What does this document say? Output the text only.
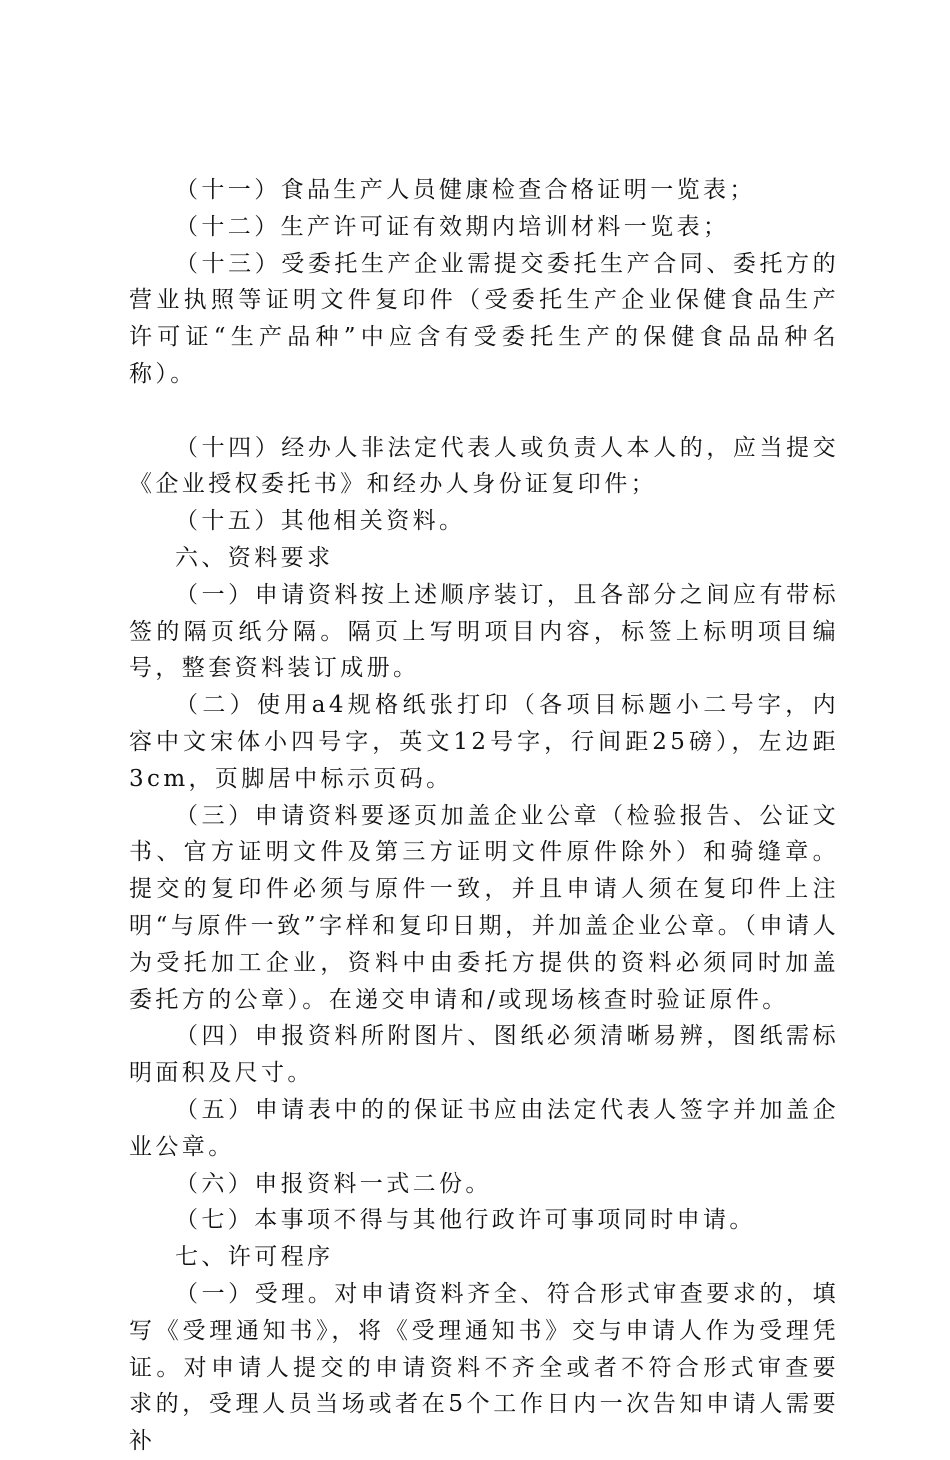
（十一）食品生产人员健康检查合格证明一览表；

（十二）生产许可证有效期内培训材料一览表；

（十三）受委托生产企业需提交委托生产合同、委托方的营业执照等证明文件复印件（受委托生产企业保健食品生产许可证“生产品种”中应含有受委托生产的保健食品品种名称）。

（十四）经办人非法定代表人或负责人本人的，应当提交《企业授权委托书》和经办人身份证复印件；

（十五）其他相关资料。

六、资料要求

（一）申请资料按上述顺序装订，且各部分之间应有带标签的隔页纸分隔。隔页上写明项目内容，标签上标明项目编号，整套资料装订成册。

（二）使用a4规格纸张打印（各项目标题小二号字，内容中文宋体小四号字，英文12号字，行间距25磅），左边距3cm，页脚居中标示页码。

（三）申请资料要逐页加盖企业公章（检验报告、公证文书、官方证明文件及第三方证明文件原件除外）和骑缝章。提交的复印件必须与原件一致，并且申请人须在复印件上注明“与原件一致”字样和复印日期，并加盖企业公章。（申请人为受托加工企业，资料中由委托方提供的资料必须同时加盖委托方的公章）。在递交申请和/或现场核查时验证原件。

（四）申报资料所附图片、图纸必须清晰易辨，图纸需标明面积及尺寸。

（五）申请表中的的保证书应由法定代表人签字并加盖企业公章。

（六）申报资料一式二份。

（七）本事项不得与其他行政许可事项同时申请。

七、许可程序

（一）受理。对申请资料齐全、符合形式审查要求的，填写《受理通知书》，将《受理通知书》交与申请人作为受理凭证。对申请人提交的申请资料不齐全或者不符合形式审查要求的，受理人员当场或者在5个工作日内一次告知申请人需要补
